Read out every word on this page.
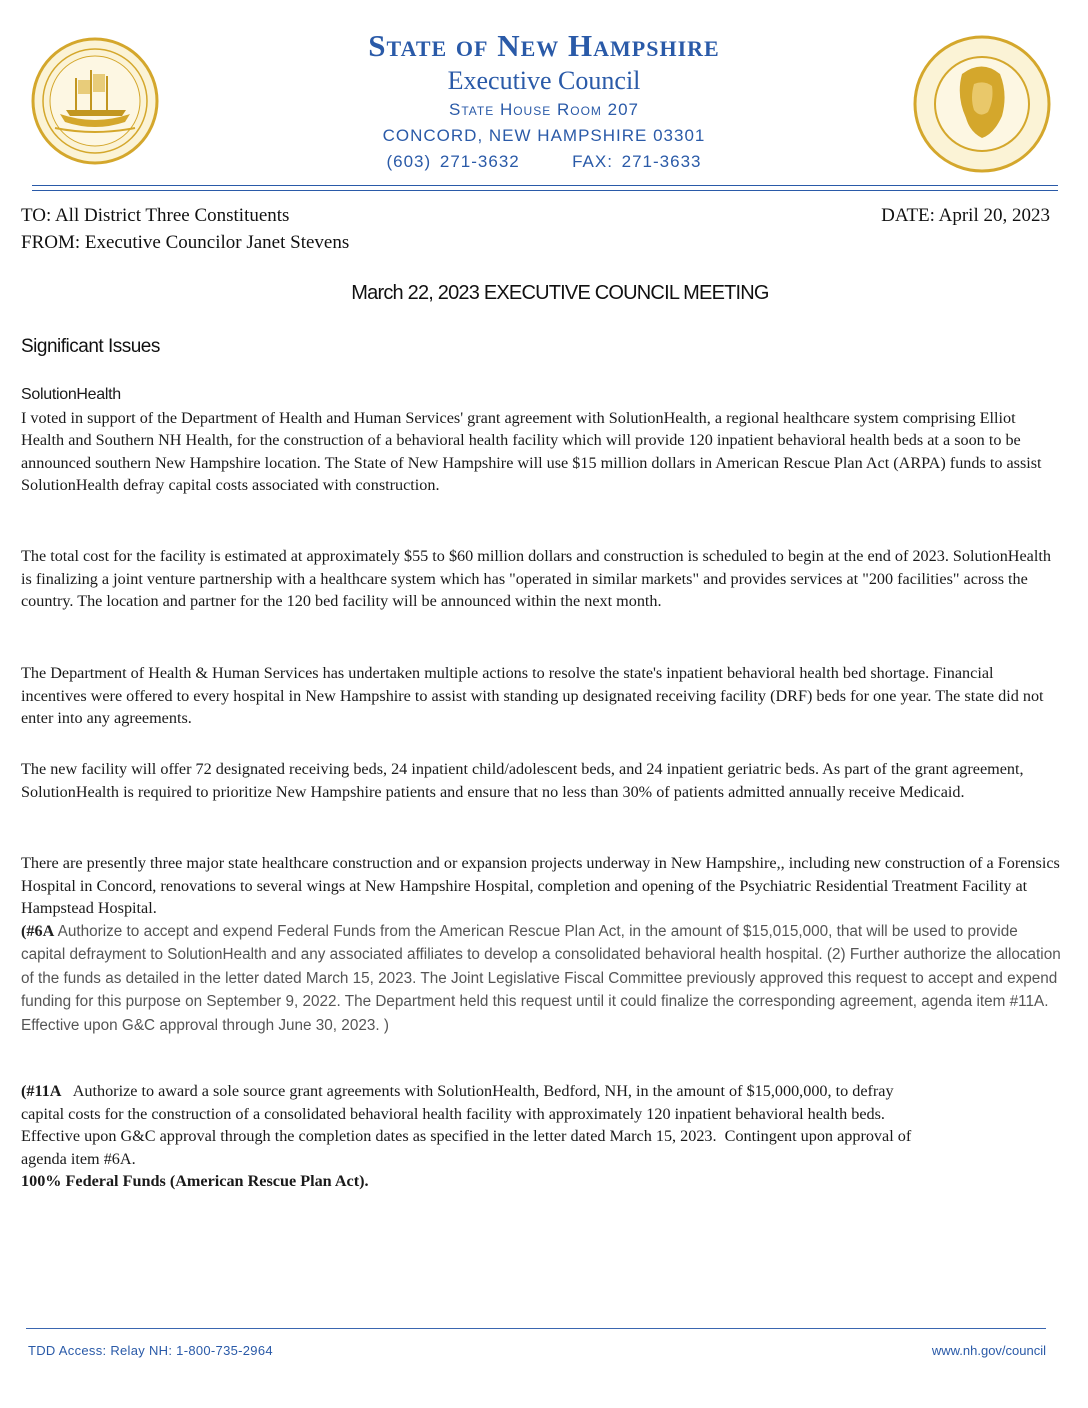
State of New Hampshire
Executive Council
State House Room 207
CONCORD, NEW HAMPSHIRE 03301
(603) 271-3632      FAX: 271-3633
TO: All District Three Constituents
FROM: Executive Councilor Janet Stevens
DATE: April 20, 2023
March 22, 2023 EXECUTIVE COUNCIL MEETING
Significant Issues

SolutionHealth

I voted in support of the Department of Health and Human Services' grant agreement with SolutionHealth, a regional healthcare system comprising Elliot Health and Southern NH Health, for the construction of a behavioral health facility which will provide 120 inpatient behavioral health beds at a soon to be announced southern New Hampshire location. The State of New Hampshire will use $15 million dollars in American Rescue Plan Act (ARPA) funds to assist SolutionHealth defray capital costs associated with construction.

The total cost for the facility is estimated at approximately $55 to $60 million dollars and construction is scheduled to begin at the end of 2023. SolutionHealth is finalizing a joint venture partnership with a healthcare system which has "operated in similar markets" and provides services at "200 facilities" across the country. The location and partner for the 120 bed facility will be announced within the next month.
The Department of Health & Human Services has undertaken multiple actions to resolve the state's inpatient behavioral health bed shortage. Financial incentives were offered to every hospital in New Hampshire to assist with standing up designated receiving facility (DRF) beds for one year. The state did not enter into any agreements.
The new facility will offer 72 designated receiving beds, 24 inpatient child/adolescent beds, and 24 inpatient geriatric beds. As part of the grant agreement, SolutionHealth is required to prioritize New Hampshire patients and ensure that no less than 30% of patients admitted annually receive Medicaid.

There are presently three major state healthcare construction and or expansion projects underway in New Hampshire,, including new construction of a Forensics Hospital in Concord, renovations to several wings at New Hampshire Hospital, completion and opening of the Psychiatric Residential Treatment Facility at Hampstead Hospital.

(#6A Authorize to accept and expend Federal Funds from the American Rescue Plan Act, in the amount of $15,015,000, that will be used to provide capital defrayment to SolutionHealth and any associated affiliates to develop a consolidated behavioral health hospital. (2) Further authorize the allocation of the funds as detailed in the letter dated March 15, 2023. The Joint Legislative Fiscal Committee previously approved this request to accept and expend funding for this purpose on September 9, 2022. The Department held this request until it could finalize the corresponding agreement, agenda item #11A. Effective upon G&C approval through June 30, 2023. )

(#11A   Authorize to award a sole source grant agreements with SolutionHealth, Bedford, NH, in the amount of $15,000,000, to defray capital costs for the construction of a consolidated behavioral health facility with approximately 120 inpatient behavioral health beds.  Effective upon G&C approval through the completion dates as specified in the letter dated March 15, 2023.  Contingent upon approval of agenda item #6A.

100% Federal Funds (American Rescue Plan Act).

TDD Access: Relay NH: 1-800-735-2964	www.nh.gov/council
